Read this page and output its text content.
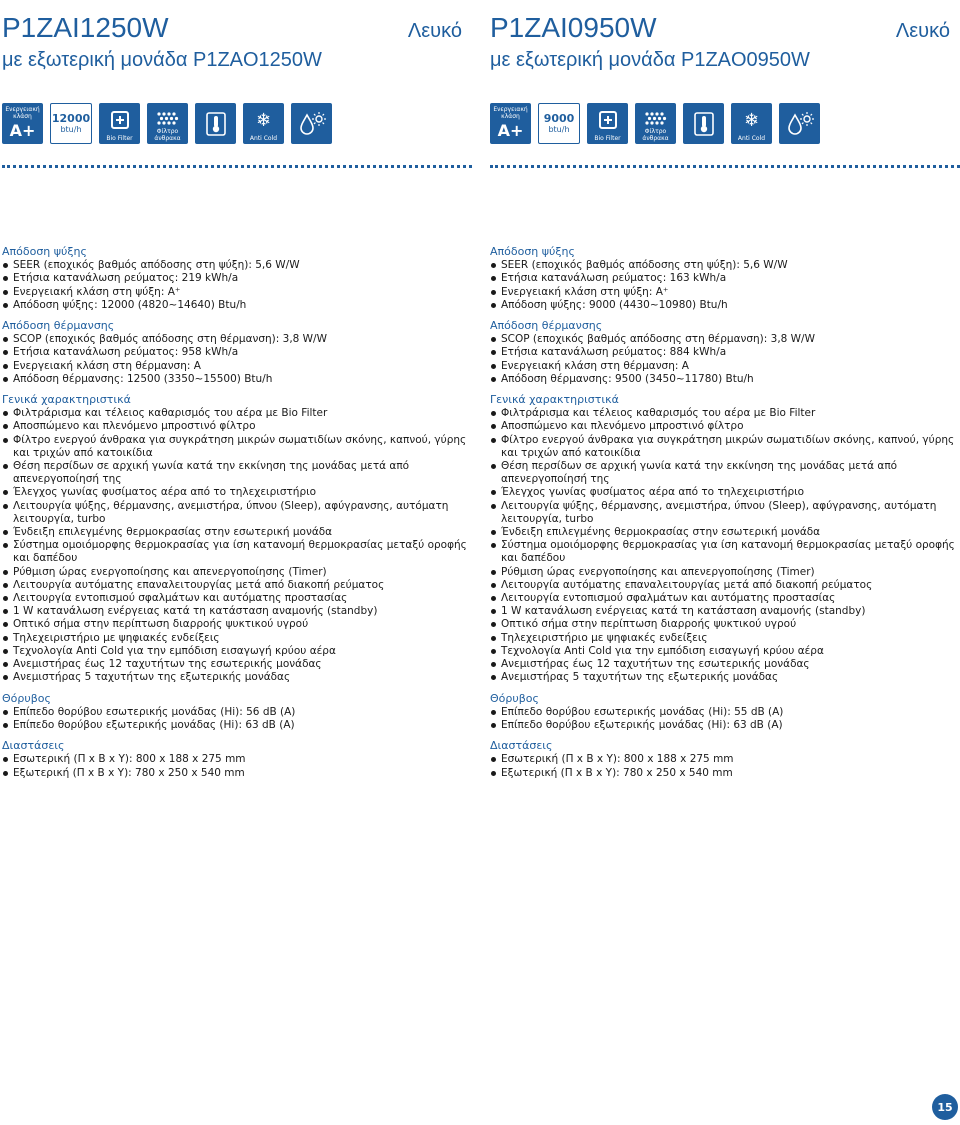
P1ZAI1250W	Λευκό
με εξωτερική μονάδα P1ZAO1250W
Ενεργειακή κλάση
A+
12000
btu/h
Bio Filter
Φίλτρο άνθρακα
❄
Anti Cold
Απόδοση ψύξης
SEER (εποχικός βαθμός απόδοσης στη ψύξη): 5,6 W/W
Ετήσια κατανάλωση ρεύματος: 219 kWh/a
Ενεργειακή κλάση στη ψύξη: A⁺
Απόδοση ψύξης: 12000 (4820~14640) Btu/h
Απόδοση θέρμανσης
SCOP (εποχικός βαθμός απόδοσης στη θέρμανση): 3,8 W/W
Ετήσια κατανάλωση ρεύματος: 958 kWh/a
Ενεργειακή κλάση στη θέρμανση: A
Απόδοση θέρμανσης: 12500 (3350~15500) Btu/h
Γενικά χαρακτηριστικά
Φιλτράρισμα και τέλειος καθαρισμός του αέρα με Bio Filter
Αποσπώμενο και πλενόμενο μπροστινό φίλτρο
Φίλτρο ενεργού άνθρακα για συγκράτηση μικρών σωματιδίων σκόνης, καπνού, γύρης και τριχών από κατοικίδια
Θέση περσίδων σε αρχική γωνία κατά την εκκίνηση της μονάδας μετά από απενεργοποίησή της
Έλεγχος γωνίας φυσίματος αέρα από το τηλεχειριστήριο
Λειτουργία ψύξης, θέρμανσης, ανεμιστήρα, ύπνου (Sleep), αφύγρανσης, αυτόματη λειτουργία, turbo
Ένδειξη επιλεγμένης θερμοκρασίας στην εσωτερική μονάδα
Σύστημα ομοιόμορφης θερμοκρασίας για ίση κατανομή θερμοκρασίας μεταξύ οροφής και δαπέδου
Ρύθμιση ώρας ενεργοποίησης και απενεργοποίησης (Timer)
Λειτουργία αυτόματης επαναλειτουργίας μετά από διακοπή ρεύματος
Λειτουργία εντοπισμού σφαλμάτων και αυτόματης προστασίας
1 W κατανάλωση ενέργειας κατά τη κατάσταση αναμονής (standby)
Οπτικό σήμα στην περίπτωση διαρροής ψυκτικού υγρού
Τηλεχειριστήριο με ψηφιακές ενδείξεις
Τεχνολογία Anti Cold για την εμπόδιση εισαγωγή κρύου αέρα
Ανεμιστήρας έως 12 ταχυτήτων της εσωτερικής μονάδας
Ανεμιστήρας 5 ταχυτήτων της εξωτερικής μονάδας
Θόρυβος
Επίπεδο θορύβου εσωτερικής μονάδας (Hi): 56 dB (A)
Επίπεδο θορύβου εξωτερικής μονάδας (Hi): 63 dB (A)
Διαστάσεις
Εσωτερική (Π x Β x Υ): 800 x 188 x 275 mm
Εξωτερική (Π x Β x Υ): 780 x 250 x 540 mm
P1ZAI0950W	Λευκό
με εξωτερική μονάδα P1ZAO0950W
Ενεργειακή κλάση
A+
9000
btu/h
Bio Filter
Φίλτρο άνθρακα
❄
Anti Cold
Απόδοση ψύξης
SEER (εποχικός βαθμός απόδοσης στη ψύξη): 5,6 W/W
Ετήσια κατανάλωση ρεύματος: 163 kWh/a
Ενεργειακή κλάση στη ψύξη: A⁺
Απόδοση ψύξης: 9000 (4430~10980) Btu/h
Απόδοση θέρμανσης
SCOP (εποχικός βαθμός απόδοσης στη θέρμανση): 3,8 W/W
Ετήσια κατανάλωση ρεύματος: 884 kWh/a
Ενεργειακή κλάση στη θέρμανση: A
Απόδοση θέρμανσης: 9500 (3450~11780) Btu/h
Γενικά χαρακτηριστικά
Φιλτράρισμα και τέλειος καθαρισμός του αέρα με Bio Filter
Αποσπώμενο και πλενόμενο μπροστινό φίλτρο
Φίλτρο ενεργού άνθρακα για συγκράτηση μικρών σωματιδίων σκόνης, καπνού, γύρης και τριχών από κατοικίδια
Θέση περσίδων σε αρχική γωνία κατά την εκκίνηση της μονάδας μετά από απενεργοποίησή της
Έλεγχος γωνίας φυσίματος αέρα από το τηλεχειριστήριο
Λειτουργία ψύξης, θέρμανσης, ανεμιστήρα, ύπνου (Sleep), αφύγρανσης, αυτόματη λειτουργία, turbo
Ένδειξη επιλεγμένης θερμοκρασίας στην εσωτερική μονάδα
Σύστημα ομοιόμορφης θερμοκρασίας για ίση κατανομή θερμοκρασίας μεταξύ οροφής και δαπέδου
Ρύθμιση ώρας ενεργοποίησης και απενεργοποίησης (Timer)
Λειτουργία αυτόματης επαναλειτουργίας μετά από διακοπή ρεύματος
Λειτουργία εντοπισμού σφαλμάτων και αυτόματης προστασίας
1 W κατανάλωση ενέργειας κατά τη κατάσταση αναμονής (standby)
Οπτικό σήμα στην περίπτωση διαρροής ψυκτικού υγρού
Τηλεχειριστήριο με ψηφιακές ενδείξεις
Τεχνολογία Anti Cold για την εμπόδιση εισαγωγή κρύου αέρα
Ανεμιστήρας έως 12 ταχυτήτων της εσωτερικής μονάδας
Ανεμιστήρας 5 ταχυτήτων της εξωτερικής μονάδας
Θόρυβος
Επίπεδο θορύβου εσωτερικής μονάδας (Hi): 55 dB (A)
Επίπεδο θορύβου εξωτερικής μονάδας (Hi): 63 dB (A)
Διαστάσεις
Εσωτερική (Π x Β x Υ): 800 x 188 x 275 mm
Εξωτερική (Π x Β x Υ): 780 x 250 x 540 mm
15
